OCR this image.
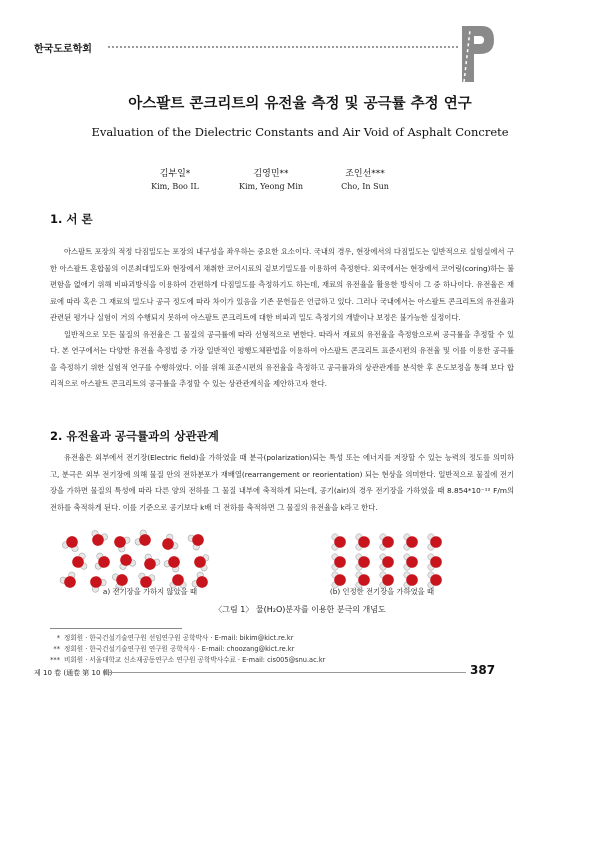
한국도로학회
아스팔트 콘크리트의 유전율 측정 및 공극률 추정 연구
Evaluation of the Dielectric Constants and Air Void of Asphalt Concrete
김부일*
Kim, Boo IL
김영민**
Kim, Yeong Min
조인선***
Cho, In Sun
1. 서 론

아스팔트 포장의 적정 다짐밀도는 포장의 내구성을 좌우하는 중요한 요소이다. 국내의 경우, 현장에서의 다짐밀도는 일반적으로 실험실에서 구한 아스팔트 혼합물의 이론최대밀도와 현장에서 채취한 코어시료의 겉보기밀도를 이용하여 측정한다. 외국에서는 현장에서 코어링(coring)하는 불편함을 없애기 위해 비파괴방식을 이용하여 간편하게 다짐밀도를 측정하기도 하는데, 재료의 유전율을 활용한 방식이 그 중 하나이다. 유전율은 재료에 따라 혹은 그 재료의 밀도나 공극 정도에 따라 차이가 있음을 기존 문헌들은 언급하고 있다. 그러나 국내에서는 아스팔트 콘크리트의 유전율과 관련된 평가나 실험이 거의 수행되지 못하여 아스팔트 콘크리트에 대한 비파괴 밀도 측정기의 개발이나 보정은 불가능한 실정이다.

일반적으로 모든 물질의 유전율은 그 물질의 공극률에 따라 선형적으로 변한다. 따라서 재료의 유전율을 측정함으로써 공극률을 추정할 수 있다. 본 연구에서는 다양한 유전율 측정법 중 가장 일반적인 평행도체판법을 이용하여 아스팔트 콘크리트 표준시편의 유전율 및 이를 이용한 공극률을 측정하기 위한 실험적 연구를 수행하였다. 이를 위해 표준시편의 유전율을 측정하고 공극률과의 상관관계를 분석한 후 온도보정을 통해 보다 합리적으로 아스팔트 콘크리트의 공극률을 추정할 수 있는 상관관계식을 제안하고자 한다.

2. 유전율과 공극률과의 상관관계

유전율은 외부에서 전기장(Electric field)을 가하였을 때 분극(polarization)되는 특성 또는 에너지를 저장할 수 있는 능력의 정도를 의미하고, 분극은 외부 전기장에 의해 물질 안의 전하분포가 재배열(rearrangement or reorientation) 되는 현상을 의미한다. 일반적으로 물질에 전기장을 가하면 물질의 특성에 따라 다른 양의 전하를 그 물질 내부에 축적하게 되는데, 공기(air)의 경우 전기장을 가하였을 때 8.854*10⁻¹² F/m의 전하를 축적하게 된다. 이를 기준으로 공기보다 k배 더 전하를 축적하면 그 물질의 유전율을 k라고 한다.

a) 전기장을 가하지 않았을 때	(b) 인정한 전기장을 가하였을 때
〈그림 1〉 물(H₂O)분자를 이용한 분극의 개념도
* 정회원 · 한국건설기술연구원 선임연구원 공학박사 · E-mail: bikim@kict.re.kr
** 정회원 · 한국건설기술연구원 연구원 공학석사 · E-mail: choozang@kict.re.kr
*** 비회원 · 서울대학교 신소재공동연구소 연구원 공학박사수료 · E-mail: cis005@snu.ac.kr
제 10 卷 (通卷 第 10 輯)	387
